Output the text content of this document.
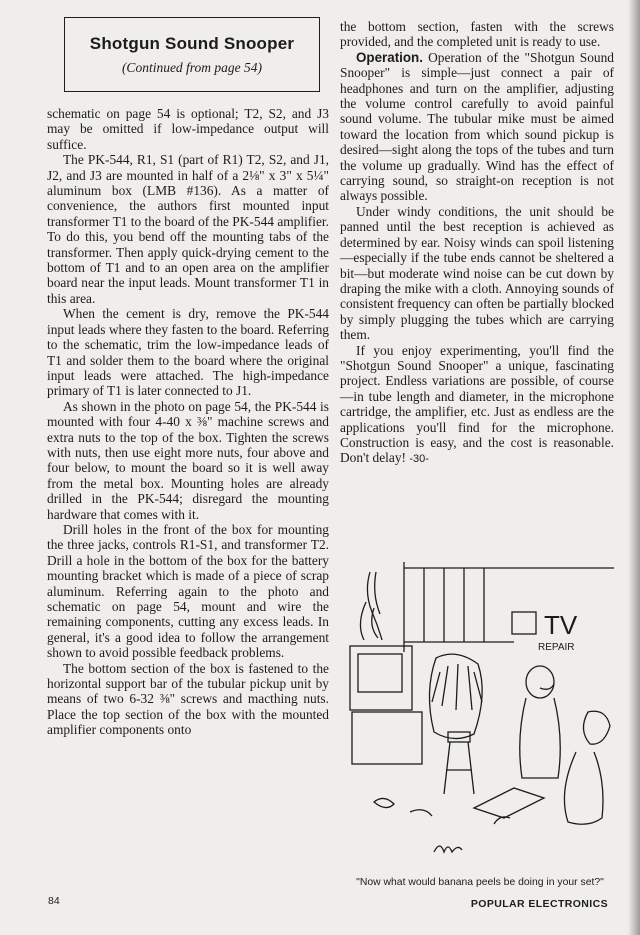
Shotgun Sound Snooper
(Continued from page 54)

schematic on page 54 is optional; T2, S2, and J3 may be omitted if low-impedance output will suffice.

The PK-544, R1, S1 (part of R1) T2, S2, and J1, J2, and J3 are mounted in half of a 2⅛" x 3" x 5¼" aluminum box (LMB #136). As a matter of convenience, the authors first mounted input transformer T1 to the board of the PK-544 amplifier. To do this, you bend off the mounting tabs of the transformer. Then apply quick-drying cement to the bottom of T1 and to an open area on the amplifier board near the input leads. Mount transformer T1 in this area.

When the cement is dry, remove the PK-544 input leads where they fasten to the board. Referring to the schematic, trim the low-impedance leads of T1 and solder them to the board where the original input leads were attached. The high-impedance primary of T1 is later connected to J1.

As shown in the photo on page 54, the PK-544 is mounted with four 4-40 x ⅜" machine screws and extra nuts to the top of the box. Tighten the screws with nuts, then use eight more nuts, four above and four below, to mount the board so it is well away from the metal box. Mounting holes are already drilled in the PK-544; disregard the mounting hardware that comes with it.

Drill holes in the front of the box for mounting the three jacks, controls R1-S1, and transformer T2. Drill a hole in the bottom of the box for the battery mounting bracket which is made of a piece of scrap aluminum. Referring again to the photo and schematic on page 54, mount and wire the remaining components, cutting any excess leads. In general, it's a good idea to follow the arrangement shown to avoid possible feedback problems.

The bottom section of the box is fastened to the horizontal support bar of the tubular pickup unit by means of two 6-32 ⅜" screws and macthing nuts. Place the top section of the box with the mounted amplifier components onto

the bottom section, fasten with the screws provided, and the completed unit is ready to use.

Operation. Operation of the "Shotgun Sound Snooper" is simple—just connect a pair of headphones and turn on the amplifier, adjusting the volume control carefully to avoid painful sound volume. The tubular mike must be aimed toward the location from which sound pickup is desired—sight along the tops of the tubes and turn the volume up gradually. Wind has the effect of carrying sound, so straight-on reception is not always possible.

Under windy conditions, the unit should be panned until the best reception is achieved as determined by ear. Noisy winds can spoil listening—especially if the tube ends cannot be sheltered a bit—but moderate wind noise can be cut down by draping the mike with a cloth. Annoying sounds of consistent frequency can often be partially blocked by simply plugging the tubes which are carrying them.

If you enjoy experimenting, you'll find the "Shotgun Sound Snooper" a unique, fascinating project. Endless variations are possible, of course—in tube length and diameter, in the microphone cartridge, the amplifier, etc. Just as endless are the applications you'll find for the microphone. Construction is easy, and the cost is reasonable. Don't delay! -30-

TV
REPAIR
"Now what would banana peels be doing in your set?"
84	POPULAR ELECTRONICS
